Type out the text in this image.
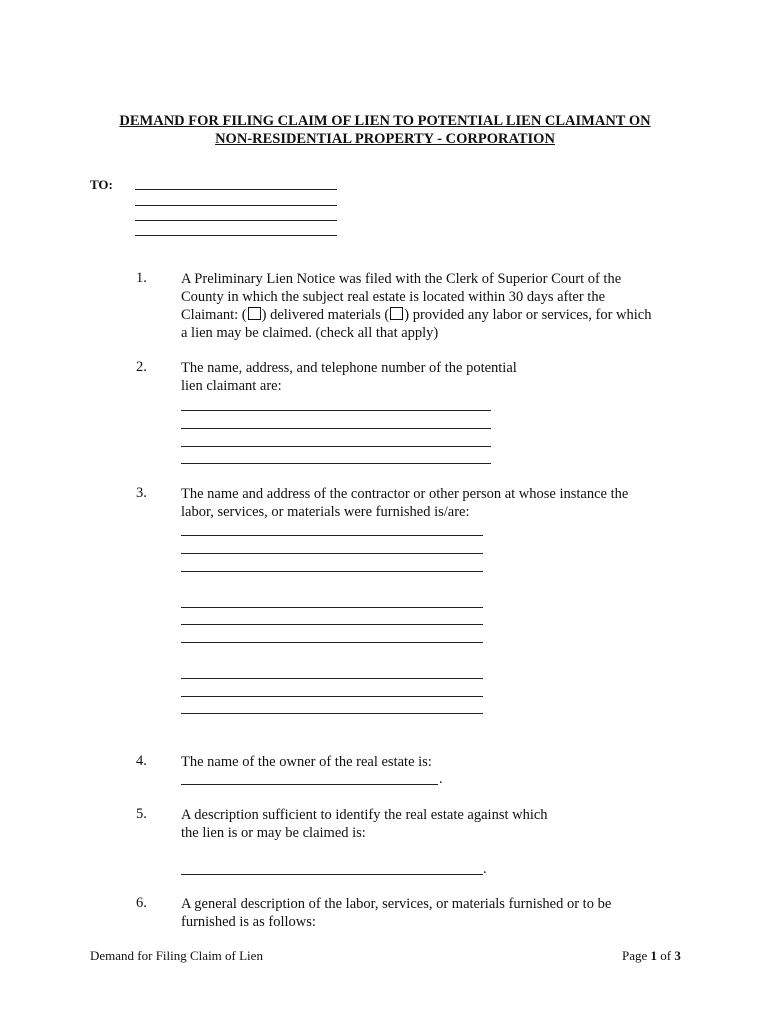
DEMAND FOR FILING CLAIM OF LIEN TO POTENTIAL LIEN CLAIMANT ON
NON-RESIDENTIAL PROPERTY - CORPORATION
TO:
1. A Preliminary Lien Notice was filed with the Clerk of Superior Court of the
County in which the subject real estate is located within 30 days after the
Claimant: ( ) delivered materials ( ) provided any labor or services, for which
a lien may be claimed. (check all that apply)
2. The name, address, and telephone number of the potential
lien claimant are:
3. The name and address of the contractor or other person at whose instance the
labor, services, or materials were furnished is/are:
4. The name of the owner of the real estate is:
.
5. A description sufficient to identify the real estate against which
the lien is or may be claimed is:
.
6. A general description of the labor, services, or materials furnished or to be
furnished is as follows:
Demand for Filing Claim of Lien	Page 1 of 3
